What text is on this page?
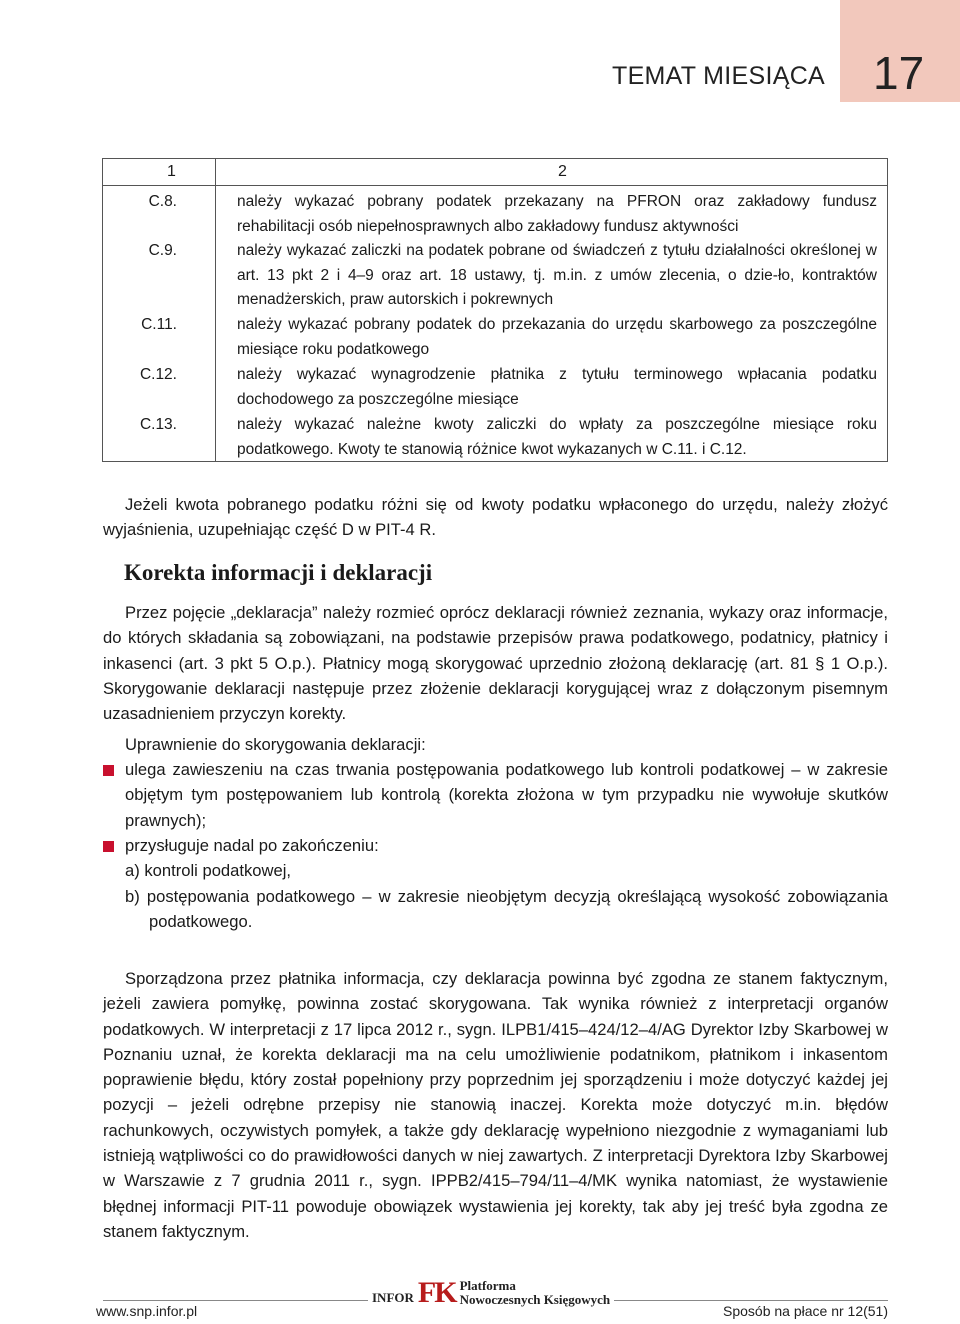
TEMAT MIESIĄCA 17
1	2
C.8.	należy wykazać pobrany podatek przekazany na PFRON oraz zakładowy fundusz rehabilitacji osób niepełnosprawnych albo zakładowy fundusz aktywności
C.9.	należy wykazać zaliczki na podatek pobrane od świadczeń z tytułu działalności określonej w art. 13 pkt 2 i 4–9 oraz art. 18 ustawy, tj. m.in. z umów zlecenia, o dzie-ło, kontraktów menadżerskich, praw autorskich i pokrewnych
C.11.	należy wykazać pobrany podatek do przekazania do urzędu skarbowego za poszczególne miesiące roku podatkowego
C.12.	należy wykazać wynagrodzenie płatnika z tytułu terminowego wpłacania podatku dochodowego za poszczególne miesiące
C.13.	należy wykazać należne kwoty zaliczki do wpłaty za poszczególne miesiące roku podatkowego. Kwoty te stanowią różnice kwot wykazanych w C.11. i C.12.
Jeżeli kwota pobranego podatku różni się od kwoty podatku wpłaconego do urzędu, należy złożyć wyjaśnienia, uzupełniając część D w PIT-4 R.
Korekta informacji i deklaracji
Przez pojęcie „deklaracja” należy rozmieć oprócz deklaracji również zeznania, wykazy oraz informacje, do których składania są zobowiązani, na podstawie przepisów prawa podatkowego, podatnicy, płatnicy i inkasenci (art. 3 pkt 5 O.p.). Płatnicy mogą skorygować uprzednio złożoną deklarację (art. 81 § 1 O.p.). Skorygowanie deklaracji następuje przez złożenie deklaracji korygującej wraz z dołączonym pisemnym uzasadnieniem przyczyn korekty.
Uprawnienie do skorygowania deklaracji:
ulega zawieszeniu na czas trwania postępowania podatkowego lub kontroli podatkowej – w zakresie objętym tym postępowaniem lub kontrolą (korekta złożona w tym przypadku nie wywołuje skutków prawnych);
przysługuje nadal po zakończeniu:
a) kontroli podatkowej,
b) postępowania podatkowego – w zakresie nieobjętym decyzją określającą wysokość zobowiązania podatkowego.
Sporządzona przez płatnika informacja, czy deklaracja powinna być zgodna ze stanem faktycznym, jeżeli zawiera pomyłkę, powinna zostać skorygowana. Tak wynika również z interpretacji organów podatkowych. W interpretacji z 17 lipca 2012 r., sygn. ILPB1/415–424/12–4/AG Dyrektor Izby Skarbowej w Poznaniu uznał, że korekta deklaracji ma na celu umożliwienie podatnikom, płatnikom i inkasentom poprawienie błędu, który został popełniony przy poprzednim jej sporządzeniu i może dotyczyć każdej jej pozycji – jeżeli odrębne przepisy nie stanowią inaczej. Korekta może dotyczyć m.in. błędów rachunkowych, oczywistych pomyłek, a także gdy deklarację wypełniono niezgodnie z wymaganiami lub istnieją wątpliwości co do prawidłowości danych w niej zawartych. Z interpretacji Dyrektora Izby Skarbowej w Warszawie z 7 grudnia 2011 r., sygn. IPPB2/415–794/11–4/MK wynika natomiast, że wystawienie błędnej informacji PIT-11 powoduje obowiązek wystawienia jej korekty, tak aby jej treść była zgodna ze stanem faktycznym.
www.snp.infor.pl	Sposób na płace nr 12(51)
INFOR FK Platforma
Nowoczesnych Księgowych
